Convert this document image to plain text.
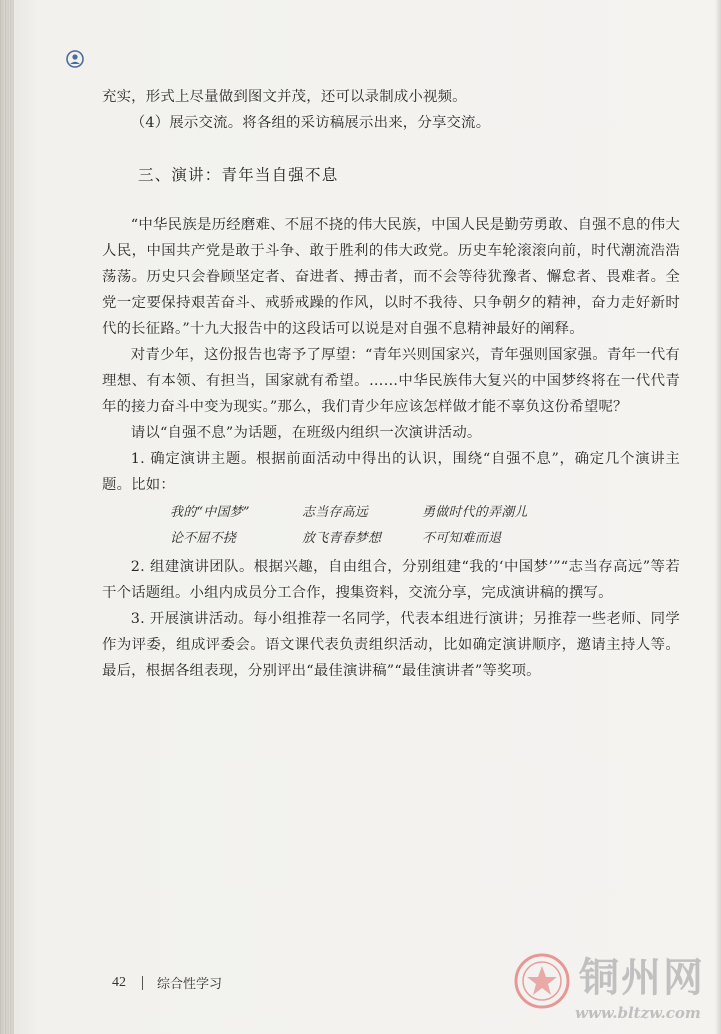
充实，形式上尽量做到图文并茂，还可以录制成小视频。

（4）展示交流。将各组的采访稿展示出来，分享交流。

三、演讲：青年当自强不息

“中华民族是历经磨难、不屈不挠的伟大民族，中国人民是勤劳勇敢、自强不息的伟大人民，中国共产党是敢于斗争、敢于胜利的伟大政党。历史车轮滚滚向前，时代潮流浩浩荡荡。历史只会眷顾坚定者、奋进者、搏击者，而不会等待犹豫者、懈怠者、畏难者。全党一定要保持艰苦奋斗、戒骄戒躁的作风，以时不我待、只争朝夕的精神，奋力走好新时代的长征路。”十九大报告中的这段话可以说是对自强不息精神最好的阐释。

对青少年，这份报告也寄予了厚望：“青年兴则国家兴，青年强则国家强。青年一代有理想、有本领、有担当，国家就有希望。……中华民族伟大复兴的中国梦终将在一代代青年的接力奋斗中变为现实。”那么，我们青少年应该怎样做才能不辜负这份希望呢？

请以“自强不息”为话题，在班级内组织一次演讲活动。

1. 确定演讲主题。根据前面活动中得出的认识，围绕“自强不息”，确定几个演讲主题。比如：

我的“中国梦”	志当存高远	勇做时代的弄潮儿
论不屈不挠	放飞青春梦想	不可知难而退

2. 组建演讲团队。根据兴趣，自由组合，分别组建“我的‘中国梦’”“志当存高远”等若干个话题组。小组内成员分工合作，搜集资料，交流分享，完成演讲稿的撰写。

3. 开展演讲活动。每小组推荐一名同学，代表本组进行演讲；另推荐一些老师、同学作为评委，组成评委会。语文课代表负责组织活动，比如确定演讲顺序，邀请主持人等。最后，根据各组表现，分别评出“最佳演讲稿”“最佳演讲者”等奖项。

42 综合性学习	铜州网
www.bltzw.com
